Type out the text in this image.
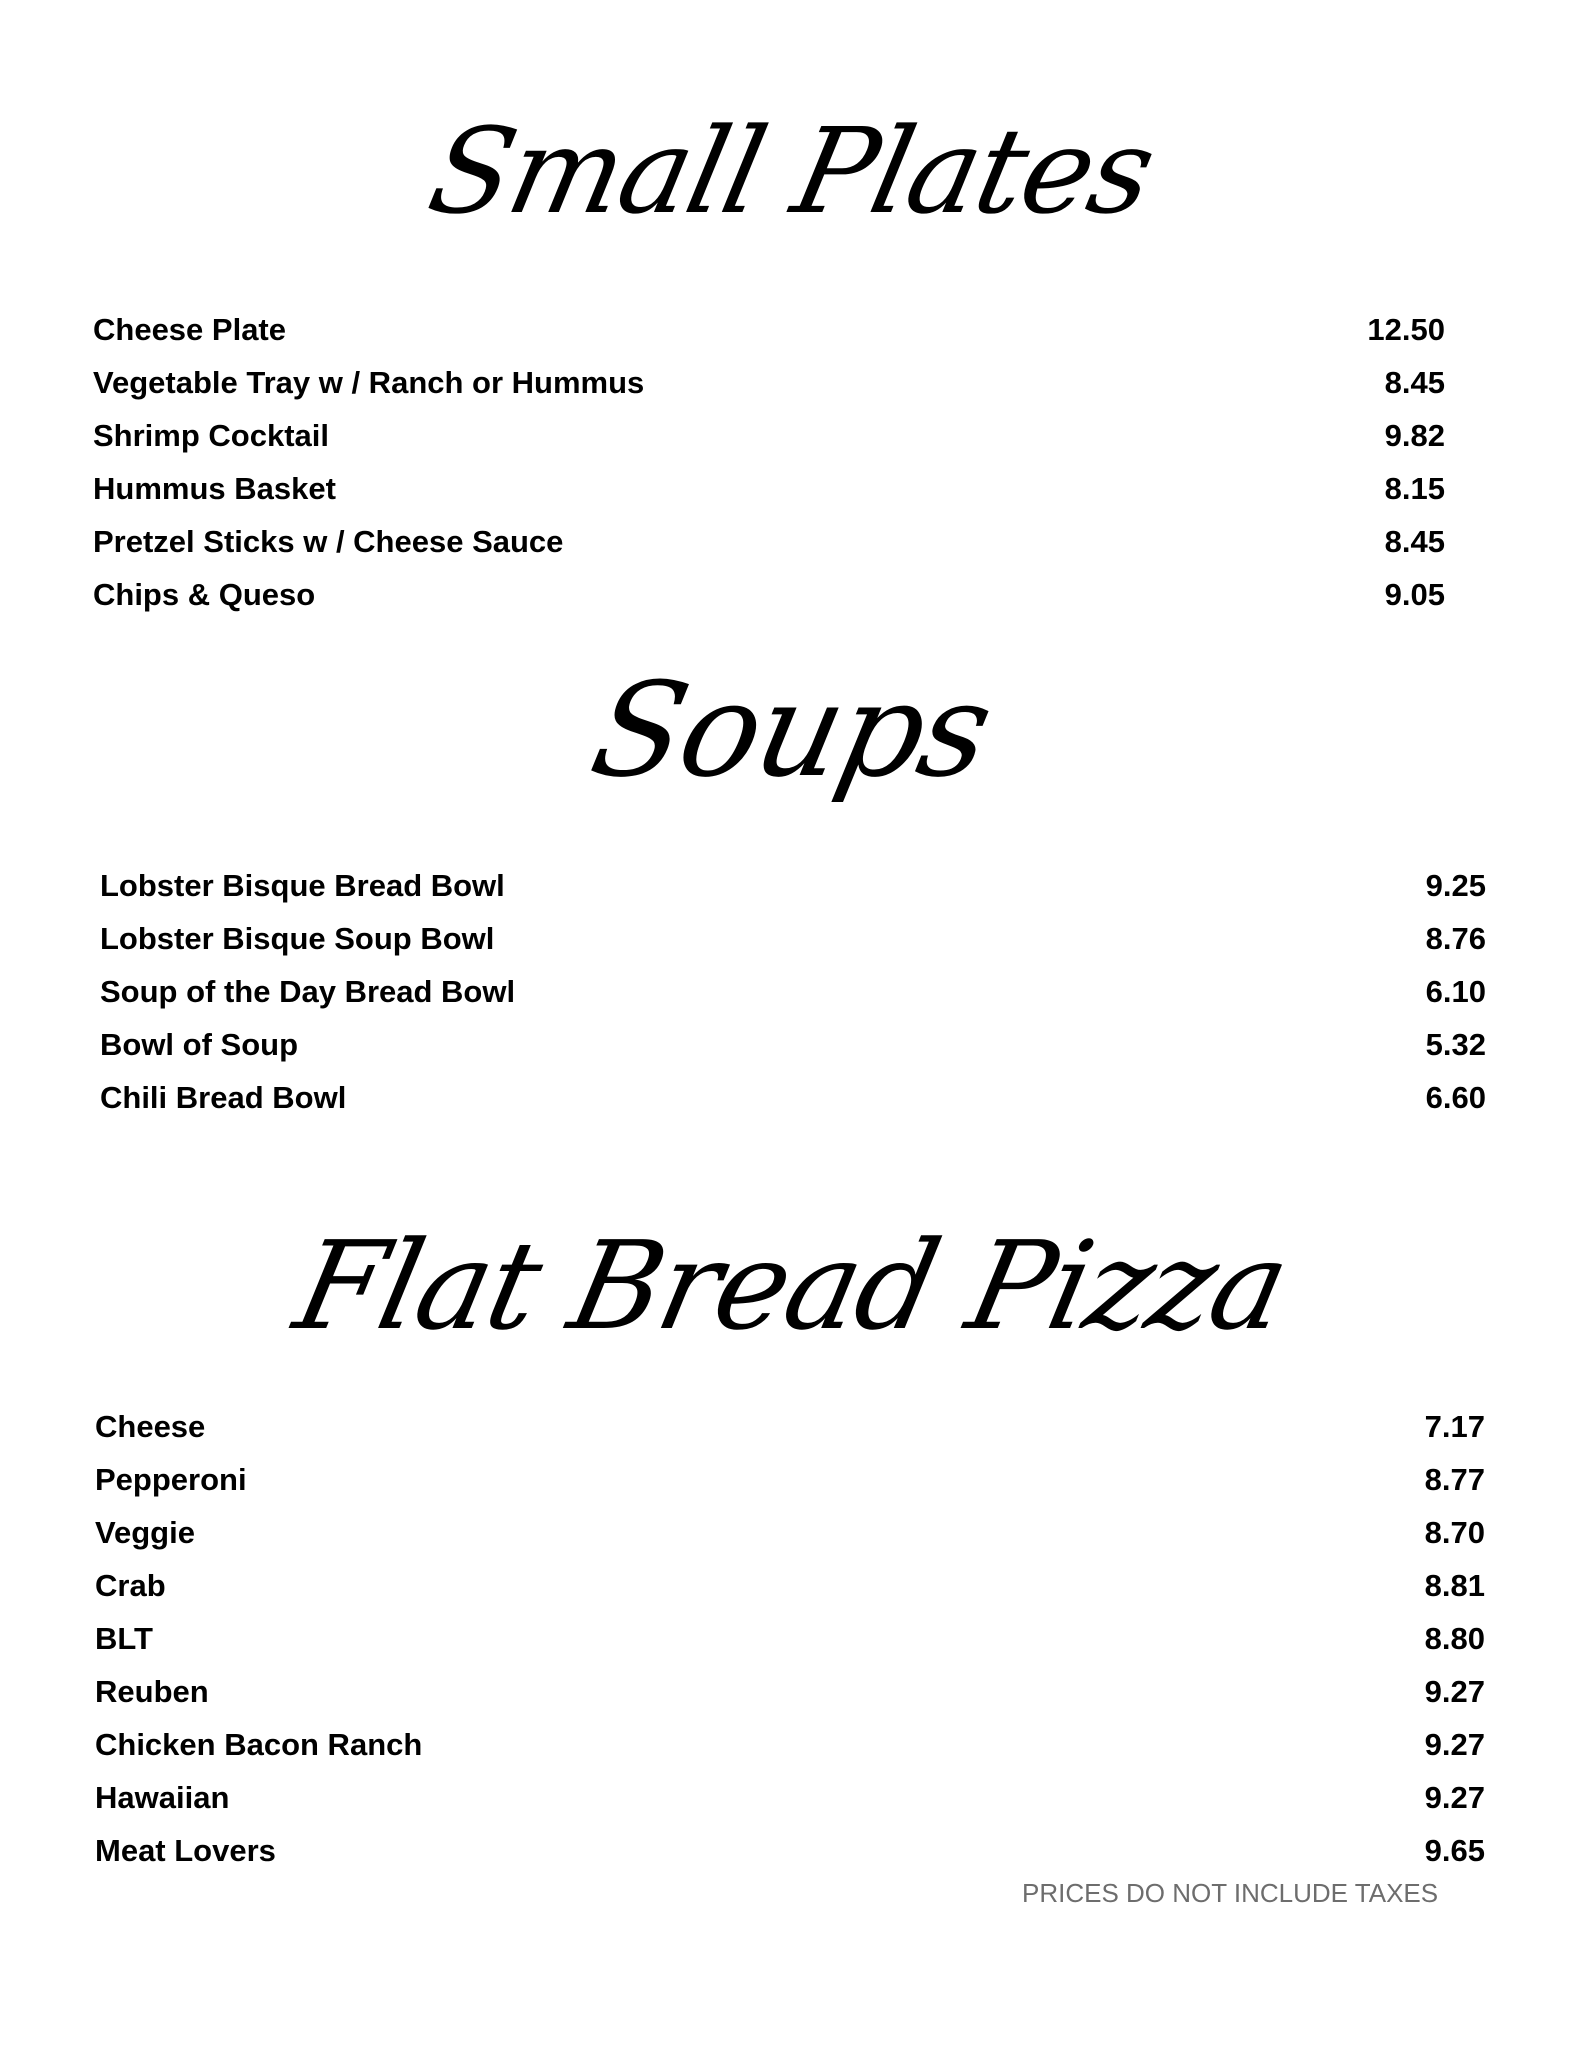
Small Plates
Cheese Plate	12.50
Vegetable Tray w / Ranch or Hummus	8.45
Shrimp Cocktail	9.82
Hummus Basket	8.15
Pretzel Sticks w / Cheese Sauce	8.45
Chips & Queso	9.05
Soups
Lobster Bisque Bread Bowl	9.25
Lobster Bisque Soup Bowl	8.76
Soup of the Day Bread Bowl	6.10
Bowl of Soup	5.32
Chili Bread Bowl	6.60
Flat Bread Pizza
Cheese	7.17
Pepperoni	8.77
Veggie	8.70
Crab	8.81
BLT	8.80
Reuben	9.27
Chicken Bacon Ranch	9.27
Hawaiian	9.27
Meat Lovers	9.65
PRICES DO NOT INCLUDE TAXES
